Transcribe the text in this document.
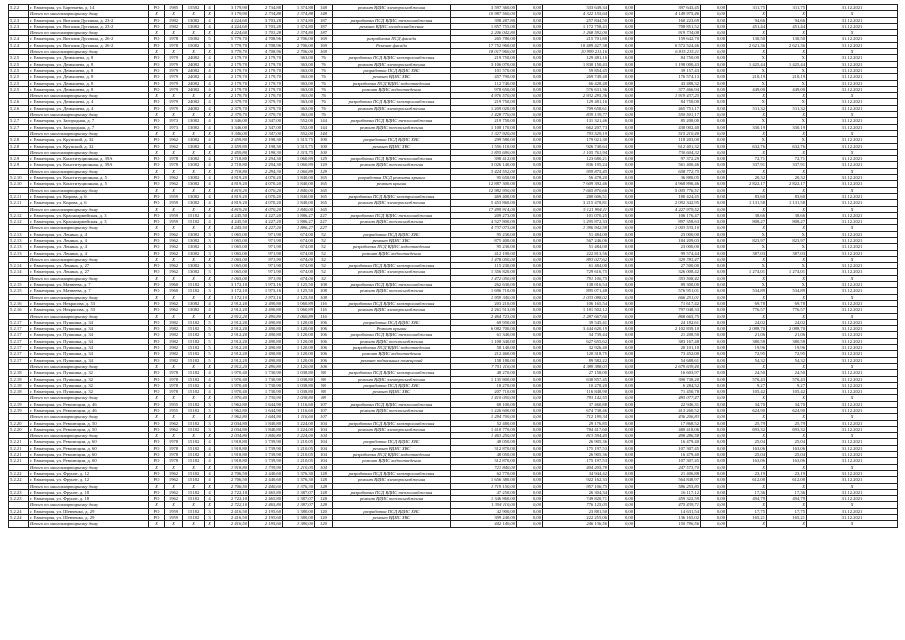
5.2.2	г. Евпатория, ул. Бартенева, д. 14	РО	1985	15582	4	3 179,90	2 734,88	1 374,88	148	ремонт ВДИС электроснабжения	3 597 360,00	0,00	333 649,34	0,00	397 643,45	0,00	311,75	311,75	31.12.2021
	Итого по многоквартирному дому	X	X	X	X	3 179,90	2 734,88	1 374,88	148		10 987 560,00	0,00	4 322 155,64	0,00	4 149 975,46	0,00	X	X	X
5.2.3	г. Евпатория, ул. Виталия Дуплина, д. 23-2	РО	1982	13082	4	4 224,60	3 703,28	1 374,80	187	разработка ПСД ВДИС теплоснабжения	398 287,80	0,00	257 844,50	0,00	160 223,69	0,00	94,66	94,66	31.12.2021
5.2.3	г. Евпатория, ул. Виталия Дуплина, д. 23-2	РО	1982	13082	4	4 224,60	3 703,28	1 374,80	187	ремонт ВДИС холодоснабжения	1 857 755,00	0,00	1 172 758,43	0,00	708 851,52	0,00	451,44	451,44	31.12.2021
	Итого по многоквартирному дому	X	X	X	X	4 224,60	3 703,28	1 374,80	187		2 206 042,80	0,00	1 268 592,00	0,00	919 734,08	0,00	X	X	X
5.2.4	г. Евпатория, ул. Виталия Дуплина, д. 26-2	РО	1978	15082	5	5 779,70	4 708,96	2 706,00	169	разработка ПСД фасада	265 780,00	0,00	215 701,80	0,00	159 642,70	0,00	130,50	130,50	31.12.2021
5.2.4	г. Евпатория, ул. Виталия Дуплина, д. 26-2	РО	1978	15082	5	5 779,70	4 708,96	2 706,00	169	Ремонт фасада	17 752 960,00	0,00	10 489 427,38	0,00	6 572 524,46	0,00	2 621,36	2 621,36	31.12.2021
	Итого по многоквартирному дому	X	X	X	X	5 779,70	4 708,96	2 706,00	169		18 017 960,00	0,00	10 999 211,16	0,00	6 815 215,11	0,00	X	X	X
5.2.5	г. Евпатория, ул. Демышева, д. 8	РО	1979	24082	4	2 179,70	2 179,70	363,00	76	разработка ПСД ВДИС электроснабжения	219 750,00	0,00	129 481,16	0,00	84 750,00	0,00	X	X	31.12.2021
5.2.5	г. Евпатория, ул. Демышева, д. 8	РО	1979	24082	4	2 179,70	2 179,70	363,00	76	ремонт ВДИС электроснабжения	3 106 070,00	0,00	1 830 150,43	0,00	1 198 000,43	0,00	1 425,44	1 425,44	31.12.2021
5.2.5	г. Евпатория, ул. Демышева, д. 8	РО	1979	24082	4	2 179,70	2 179,70	363,00	76	разработка ПСД ВДИС ХВС	101 570,00	0,00	59 854,45	0,00	39 157,43	0,00	X	X	31.12.2021
5.2.5	г. Евпатория, ул. Демышева, д. 8	РО	1979	24082	4	2 179,70	2 179,70	363,00	76	ремонт ВДИС ХВС	457 790,00	0,00	269 749,48	0,00	176 574,13	0,00	210,19	210,19	31.12.2021
5.2.5	г. Евпатория, ул. Демышева, д. 8	РО	1979	24082	4	2 179,70	2 179,70	363,00	76	разработка ПСД ВДИС водоотведения	112 740,00	0,00	66 428,48	0,00	43 488,32	0,00	X	X	31.12.2021
5.2.5	г. Евпатория, ул. Демышева, д. 8	РО	1979	24082	4	2 179,70	2 179,70	363,00	76	ремонт ВДИС водоотведения	978 650,00	0,00	576 631,36	0,00	377 466,94	0,00	449,00	449,00	31.12.2021
	Итого по многоквартирному дому	X	X	X	X	2 179,70	2 179,70	363,00	76		4 976 570,00	0,00	2 932 295,36	0,00	1 919 437,25	0,00	X	X	X
5.2.6	г. Евпатория, ул. Демышева, д. 4	РО	1979	24082	4	2 379,70	2 379,70	363,00	76	разработка ПСД ВДИС электроснабжения	219 750,00	0,00	129 481,16	0,00	84 750,00	0,00	X	X	31.12.2021
5.2.6	г. Евпатория, ул. Демышева, д. 4	РО	1979	24082	4	2 379,70	2 379,70	363,00	76	ремонт ВДИС электроснабжения	1 209 020,00	0,00	709 658,61	0,00	465 751,17	0,00	511,32	511,32	31.12.2021
	Итого по многоквартирному дому	X	X	X	X	2 379,70	2 379,70	363,00	76		1 428 770,00	0,00	839 139,77	0,00	550 501,17	0,00	X	X	X
5.2.7	г. Евпатория, ул. Загородная, д. 7	РО	1973	13082	4	3 346,00	2 347,00	552,00	144	разработка ПСД ВДИС теплоснабжения	219 750,00	0,00	131 321,46	0,00	85 208,00	0,00	X	X	31.12.2021
5.2.7	г. Евпатория, ул. Загородная, д. 7	РО	1973	13082	4	3 346,00	2 347,00	552,00	144	ремонт ВДИС теплоснабжения	1 108 170,00	0,00	662 207,73	0,00	430 002,40	0,00	330,19	330,19	31.12.2021
	Итого по многоквартирному дому	X	X	X	X	3 346,00	2 347,00	552,00	144		1 327 920,00	0,00	793 529,19	0,00	515 210,40	0,00	X	X	X
5.2.8	г. Евпатория, ул. Крупской, д. 32	РО	1962	13082	4	2 459,80	2 198,30	1 315,75	100	разработка ПСД ВДИС ХВС	299 580,00	0,00	179 021,30	0,00	118 203,00	0,00	X	X	31.12.2021
5.2.8	г. Евпатория, ул. Крупской, д. 32	РО	1962	13082	4	2 459,80	2 198,30	1 315,75	100	ремонт ВДИС ХВС	1 556 110,00	0,00	926 740,64	0,00	612 401,32	0,00	632,76	632,76	31.12.2021
	Итого по многоквартирному дому	X	X	X	X	2 459,80	2 198,30	1 315,75	100		1 855 690,00	0,00	1 105 761,94	0,00	730 604,32	0,00	X	X	X
5.2.9	г. Евпатория, ул. Конституционная, д. 39А	РО	1978	13082	4	2 718,80	2 294,30	1 060,89	129	разработка ПСД ВДИС теплоснабжения	398 412,00	0,00	123 680,21	0,00	97 372,29	0,00	72,71	72,71	31.12.2021
5.2.9	г. Евпатория, ул. Конституционная, д. 39А	РО	1978	13082	4	2 718,80	2 294,30	1 060,89	129	ремонт ВДИС теплоснабжения	3 026 140,00	0,00	836 195,24	0,00	561 400,46	0,00	337,91	337,91	31.12.2021
	Итого по многоквартирному дому	X	X	X	X	2 718,80	2 294,30	1 060,89	129		3 424 552,00	0,00	959 875,45	0,00	658 772,75	0,00	X	X	X
5.2.10	г. Евпатория, ул. Конституционная, д. 5	РО	1962	13082	4	4 819,20	4 070,20	1 840,00	165	разработка ПСД ремонта крыши	95 650,00	0,00	56 478,20	0,00	36 880,05	0,00	20,32	20,32	31.12.2021
5.2.10	г. Евпатория, ул. Конституционная, д. 5	РО	1962	13082	4	4 819,20	4 070,20	1 840,00	165	ремонт крыши	12 887 300,00	0,00	7 609 392,46	0,00	4 968 896,46	0,00	2 822,17	2 822,17	31.12.2021
	Итого по многоквартирному дому	X	X	X	X	4 819,20	4 070,20	1 840,00	165		12 982 950,00	0,00	7 665 870,66	0,00	5 005 776,51	0,00	X	X	X
5.2.11	г. Евпатория, ул. Кирова, д. 6	РО	1959	13082	4	4 819,20	4 070,20	1 840,00	165	разработка ПСД ВДИС электроснабжения	469 400,00	0,00	280 606,51	0,00	180 424,45	0,00	83,60	83,60	31.12.2021
5.2.11	г. Евпатория, ул. Кирова, д. 6	РО	1959	13082	4	4 819,20	4 070,20	1 840,00	165	ремонт ВДИС электроснабжения	5 453 860,00	0,00	3 215 478,81	0,00	2 092 342,95	0,00	1 131,58	1 131,58	31.12.2021
	Итого по многоквартирному дому	X	X	X	X	4 819,20	4 070,20	1 840,00	165		17 499 914,00	0,00	5 121 994,11	0,00	4 227 979,52	0,00	X	X	X
5.2.12	г. Евпатория, ул. Красноармейская, д. 3	РО	1959	15182	4	4 245,50	4 227,20	1 886,27	227	разработка ПСД ВДИС теплоснабжения	209 273,00	0,00	101 070,25	0,00	106 176,47	0,00	38,66	38,66	31.12.2021
5.2.12	г. Евпатория, ул. Красноармейская, д. 3	РО	1959	15182	4	4 245,50	4 227,20	1 886,27	227	ремонт ВДИС теплоснабжения	4 527 800,00	0,00	1 295 872,33	0,00	897 358,63	0,00	808,27	808,27	31.12.2021
	Итого по многоквартирному дому	X	X	X	X	4 245,50	4 227,20	1 886,27	227		4 737 073,00	0,00	1 396 942,58	0,00	1 003 535,10	0,00	X	X	X
5.2.13	г. Евпатория, ул. Ленина, д. 4	РО	1962	13082	3	1 065,00	971,90	674,00	52	разработка ПСД ВДИС ХВС	95 230,00	0,00	51 484,00	0,00	23 000,00	0,00	X	X	31.12.2021
5.2.13	г. Евпатория, ул. Ленина, д. 4	РО	1962	13082	3	1 065,00	971,90	674,00	52	ремонт ВДИС ХВС	875 400,00	0,00	567 246,06	0,00	184 209,03	0,00	823,97	823,97	31.12.2021
5.2.13	г. Евпатория, ул. Ленина, д. 4	РО	1962	13082	3	1 065,00	971,90	674,00	52	разработка ПСД ВДИС водоотведения	95 230,00	0,00	51 484,00	0,00	23 000,00	0,00	X	X	31.12.2021
5.2.13	г. Евпатория, ул. Ленина, д. 4	РО	1962	13082	3	1 065,00	971,90	674,00	52	ремонт ВДИС водоотведения	412 190,00	0,00	222 813,56	0,00	99 574,44	0,00	387,03	387,03	31.12.2021
	Итого по многоквартирному дому	X	X	X	X	1 065,00	971,90	674,00	52		1 478 050,00	0,00	893 027,62	0,00	329 783,47	0,00	X	X	X
5.2.14	г. Евпатория, ул. Ленина, д. 27	РО	1962	13082	3	1 065,00	971,90	674,00	52	разработка ПСД ВДИС электроснабжения	115 230,00	0,00	61 484,00	0,00	27 500,00	0,00	X	X	31.12.2021
5.2.14	г. Евпатория, ул. Ленина, д. 27	РО	1962	13082	3	1 065,00	971,90	674,00	52	ремонт ВДИС электроснабжения	1 356 820,00	0,00	729 616,75	0,00	326 008,42	0,00	1 274,01	1 274,01	31.12.2021
	Итого по многоквартирному дому	X	X	X	X	1 065,00	971,90	674,00	52		1 472 050,00	0,00	791 100,75	0,00	353 508,42	0,00	X	X	X
5.2.15	г. Евпатория, ул. Матвеева, д. 7	РО	1960	15182	3	3 172,10	1 973,16	1 125,50	108	разработка ПСД ВДИС теплоснабжения	262 630,00	0,00	138 016,54	0,00	89 300,00	0,00	X	X	31.12.2021
5.2.15	г. Евпатория, ул. Матвеева, д. 7	РО	1960	15182	3	3 172,10	1 973,16	1 125,50	108	ремонт ВДИС теплоснабжения	1 696 710,00	0,00	895 071,48	0,00	576 951,01	0,00	534,89	534,89	31.12.2021
	Итого по многоквартирному дому	X	X	X	X	3 172,10	1 973,16	1 125,50	108		1 959 340,00	0,00	1 033 088,02	0,00	666 251,01	0,00	X	X	X
5.2.16	г. Евпатория, ул. Некрасова, д. 53	РО	1962	13082	4	2 912,20	2 490,80	1 060,89	116	разработка ПСД ВДИС электроснабжения	203 210,00	0,00	106 165,54	0,00	71 617,42	0,00	69,78	69,78	31.12.2021
5.2.16	г. Евпатория, ул. Некрасова, д. 53	РО	1962	13082	4	2 912,20	2 490,80	1 060,89	116	ремонт ВДИС электроснабжения	2 261 513,00	0,00	1 181 502,12	0,00	797 048,33	0,00	776,57	776,57	31.12.2021
	Итого по многоквартирному дому	X	X	X	X	2 912,20	2 490,80	1 060,89	116		2 464 723,00	0,00	1 287 667,66	0,00	868 665,75	0,00	X	X	X
5.2.17	г. Евпатория, ул. Пушкина, д. 34	РО	1982	15182	5	2 912,20	2 490,80	1 120,00	106	разработка ПСД ВДИС ХВС	69 950,00	0,00	39 545,41	0,00	24 182,61	0,00	24,02	24,02	31.12.2021
5.2.17	г. Евпатория, ул. Пушкина, д. 34	РО	1982	15182	5	2 912,20	2 490,80	1 120,00	106	Ремонт крыши	6 082 700,00	0,00	3 444 620,19	0,00	2 102 839,10	0,00	2 088,70	2 088,70	31.12.2021
5.2.17	г. Евпатория, ул. Пушкина, д. 34	РО	1982	15182	5	2 912,20	2 490,80	1 120,00	106	разработка ПСД ВДИС теплоснабжения	61 340,00	0,00	34 739,44	0,00	21 208,50	0,00	21,06	21,06	31.12.2021
5.2.17	г. Евпатория, ул. Пушкина, д. 34	РО	1982	15182	5	2 912,20	2 490,80	1 120,00	106	ремонт ВДИС теплоснабжения	1 108 340,00	0,00	627 655,62	0,00	383 167,48	0,00	380,58	380,58	31.12.2021
5.2.17	г. Евпатория, ул. Пушкина, д. 34	РО	1982	15182	5	2 912,20	2 490,80	1 120,00	106	разработка ПСД ВДИС водоотведения	58 140,00	0,00	32 926,40	0,00	20 101,10	0,00	19,96	19,96	31.12.2021
5.2.17	г. Евпатория, ул. Пушкина, д. 34	РО	1982	15182	5	2 912,20	2 490,80	1 120,00	106	ремонт ВДИС водоотведения	212 460,00	0,00	120 318,75	0,00	73 452,00	0,00	72,95	72,95	31.12.2021
5.2.17	г. Евпатория, ул. Пушкина, д. 34	РО	1982	15182	5	2 912,20	2 490,80	1 120,00	106	ремонт подвальных помещений	158 180,00	0,00	89 582,22	0,00	54 688,61	0,00	54,32	54,32	31.12.2021
	Итого по многоквартирному дому	X	X	X	X	2 912,20	2 490,80	1 120,00	106		7 751 110,00	0,00	4 389 388,03	0,00	2 679 639,40	0,00	X	X	X
5.2.18	г. Евпатория, ул. Пушкина, д. 32	РО	1978	15182	4	1 970,40	1 730,90	1 038,80	88	разработка ПСД ВДИС электроснабжения	48 270,00	0,00	27 158,00	0,00	16 603,97	0,00	24,50	24,50	31.12.2021
5.2.18	г. Евпатория, ул. Пушкина, д. 32	РО	1978	15182	4	1 970,40	1 730,90	1 038,80	88	ремонт ВДИС электроснабжения	1 135 800,00	0,00	638 857,45	0,00	390 738,20	0,00	576,43	576,43	31.12.2021
5.2.18	г. Евпатория, ул. Пушкина, д. 32	РО	1978	15182	4	1 970,40	1 730,90	1 038,80	88	разработка ПСД ВДИС ХВС	18 270,00	0,00	10 278,20	0,00	6 284,52	0,00	9,27	9,27	31.12.2021
5.2.18	г. Евпатория, ул. Пушкина, д. 32	РО	1978	15182	4	1 970,40	1 730,90	1 038,80	88	ремонт ВДИС ХВС	207 710,00	0,00	116 848,90	0,00	71 450,78	0,00	105,42	105,42	31.12.2021
	Итого по многоквартирному дому	X	X	X	X	1 970,40	1 730,90	1 038,80	88		1 410 050,00	0,00	793 142,55	0,00	485 077,47	0,00	X	X	X
5.2.19	г. Евпатория, ул. Революции, д. 46	РО	1955	15182	3	1 962,80	1 644,90	1 116,60	107	разработка ПСД ВДИС теплоснабжения	68 100,00	0,00	37 460,88	0,00	22 946,31	0,00	34,70	34,70	31.12.2021
5.2.19	г. Евпатория, ул. Революции, д. 46	РО	1955	15182	3	1 962,80	1 644,90	1 116,60	107	ремонт ВДИС теплоснабжения	1 226 600,00	0,00	674 738,46	0,00	413 260,52	0,00	624,90	624,90	31.12.2021
	Итого по многоквартирному дому	X	X	X	X	1 962,80	1 644,90	1 116,60	107		1 294 700,00	0,00	712 199,34	0,00	436 206,83	0,00	X	X	X
5.2.20	г. Евпатория, ул. Революции, д. 50	РО	1962	15182	3	2 034,80	1 840,80	1 224,00	104	разработка ПСД ВДИС электроснабжения	52 480,00	0,00	29 176,85	0,00	17 868,52	0,00	25,79	25,79	31.12.2021
5.2.20	г. Евпатория, ул. Революции, д. 50	РО	1962	15182	3	2 034,80	1 840,80	1 224,00	104	ремонт ВДИС электроснабжения	1 410 770,00	0,00	784 417,60	0,00	480 418,06	0,00	693,32	693,32	31.12.2021
	Итого по многоквартирному дому	X	X	X	X	2 034,80	1 840,80	1 224,00	104		1 463 250,00	0,00	813 594,45	0,00	498 286,58	0,00	X	X	X
5.2.21	г. Евпатория, ул. Революции, д. 60	РО	1978	15182	4	1 918,80	1 739,90	1 210,05	104	разработка ПСД ВДИС ХВС	48 050,00	0,00	26 905,36	0,00	16 479,40	0,00	25,04	25,04	31.12.2021
5.2.21	г. Евпатория, ул. Революции, д. 60	РО	1978	15182	4	1 918,80	1 739,90	1 210,05	104	ремонт ВДИС ХВС	312 870,00	0,00	175 197,53	0,00	107 307,45	0,00	163,06	163,06	31.12.2021
5.2.21	г. Евпатория, ул. Революции, д. 60	РО	1978	15182	4	1 918,80	1 739,90	1 210,05	104	разработка ПСД ВДИС водоотведения	48 050,00	0,00	26 905,36	0,00	16 479,40	0,00	25,04	25,04	31.12.2021
5.2.21	г. Евпатория, ул. Революции, д. 60	РО	1978	15182	4	1 918,80	1 739,90	1 210,05	104	ремонт ВДИС водоотведения	312 870,00	0,00	175 197,53	0,00	107 307,45	0,00	163,06	163,06	31.12.2021
	Итого по многоквартирному дому	X	X	X	X	1 918,80	1 739,90	1 210,05	104		721 840,00	0,00	404 205,78	0,00	247 573,70	0,00	X	X	X
5.2.22	г. Евпатория, ул. Фрунзе, д. 12	РО	1962	15182	4	2 706,50	2 440,60	1 376,30	128	разработка ПСД ВДИС электроснабжения	62 770,00	0,00	34 944,42	0,00	21 406,88	0,00	23,19	23,19	31.12.2021
5.2.22	г. Евпатория, ул. Фрунзе, д. 12	РО	1962	15182	4	2 706,50	2 440,60	1 376,30	128	ремонт ВДИС электроснабжения	1 656 380,00	0,00	922 162,33	0,00	564 848,97	0,00	612,00	612,00	31.12.2021
	Итого по многоквартирному дому	X	X	X	X	2 706,50	2 440,60	1 376,30	128		1 719 150,00	0,00	957 106,75	0,00	586 255,85	0,00	X	X	X
5.2.23	г. Евпатория, ул. Фрунзе, д. 18	РО	1962	15182	4	2 722,10	2 465,80	1 387,07	128	разработка ПСД ВДИС теплоснабжения	47 250,00	0,00	26 304,34	0,00	16 117,12	0,00	17,36	17,36	31.12.2021
5.2.23	г. Евпатория, ул. Фрунзе, д. 18	РО	1962	15182	4	2 722,10	2 465,80	1 387,07	128	ремонт ВДИС теплоснабжения	1 346 860,00	0,00	749 820,71	0,00	459 322,59	0,00	494,79	494,79	31.12.2021
	Итого по многоквартирному дому	X	X	X	X	2 722,10	2 465,80	1 387,07	128		1 394 110,00	0,00	776 125,05	0,00	475 439,71	0,00	X	X	X
5.2.24	г. Евпатория, ул. Шевченко, д. 29	РО	1959	15182	3	2 416,50	2 195,60	1 380,00	120	разработка ПСД ВДИС ХВС	42 900,00	0,00	23 881,50	0,00	14 631,54	0,00	17,75	17,75	31.12.2021
5.2.24	г. Евпатория, ул. Шевченко, д. 29	РО	1959	15182	3	2 416,50	2 195,60	1 380,00	120	ремонт ВДИС ХВС	399 240,00	0,00	222 255,06	0,00	136 165,02	0,00	165,21	165,21	31.12.2021
	Итого по многоквартирному дому	X	X	X	X	2 416,50	2 195,60	1 380,00	120		442 140,00	0,00	246 136,56	0,00	150 796,56	0,00	X	X	X
